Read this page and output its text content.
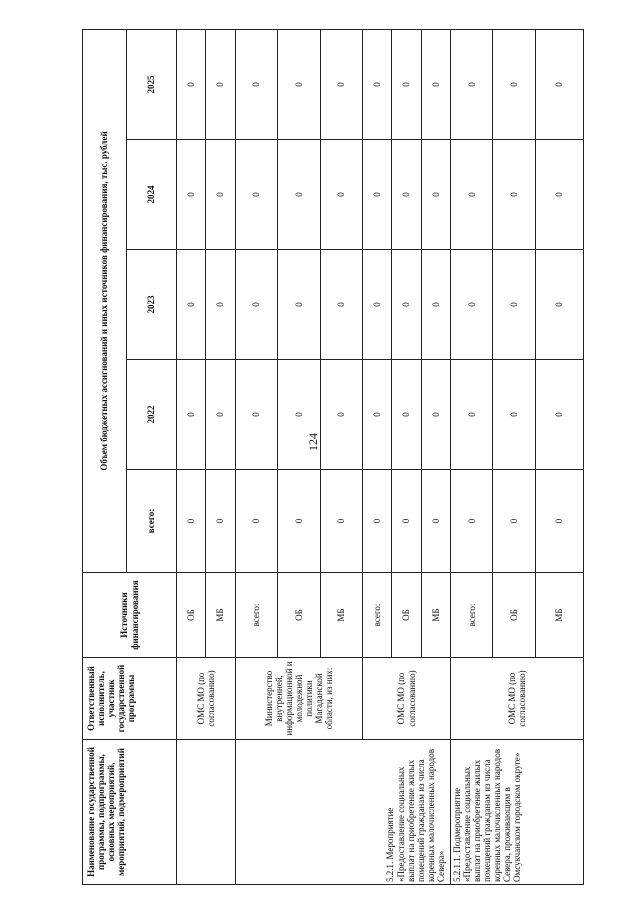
124
Наименование государственной программы, подпрограммы, основных мероприятий, мероприятий, подмероприятий	Ответственный исполнитель, участник государственной программы	Источники финансирования	Объем бюджетных ассигнований и иных источников финансирования, тыс. рублей				
			всего:	2022	2023	2024	2025
	ОМС МО (по согласованию)	ОБ	0	0	0	0	0
		МБ	0	0	0	0	0
5.2.1. Мероприятие «Предоставление социальных выплат на приобретение жилых помещений гражданам из числа коренных малочисленных народов Севера»	Министерство внутренней, информационной и молодежной политики Магаданской области, из них:	всего:	0	0	0	0	0
		ОБ	0	0	0	0	0
		МБ	0	0	0	0	0
	ОМС МО (по согласованию)	всего:	0	0	0	0	0
		ОБ	0	0	0	0	0
		МБ	0	0	0	0	0
5.2.1.1. Подмероприятие «Предоставление социальных выплат на приобретение жилых помещений гражданам из числа коренных малочисленных народов Севера, проживающим в Омсукчанском городском округе»	ОМС МО (по согласованию)	всего:	0	0	0	0	0
		ОБ	0	0	0	0	0
		МБ	0	0	0	0	0
